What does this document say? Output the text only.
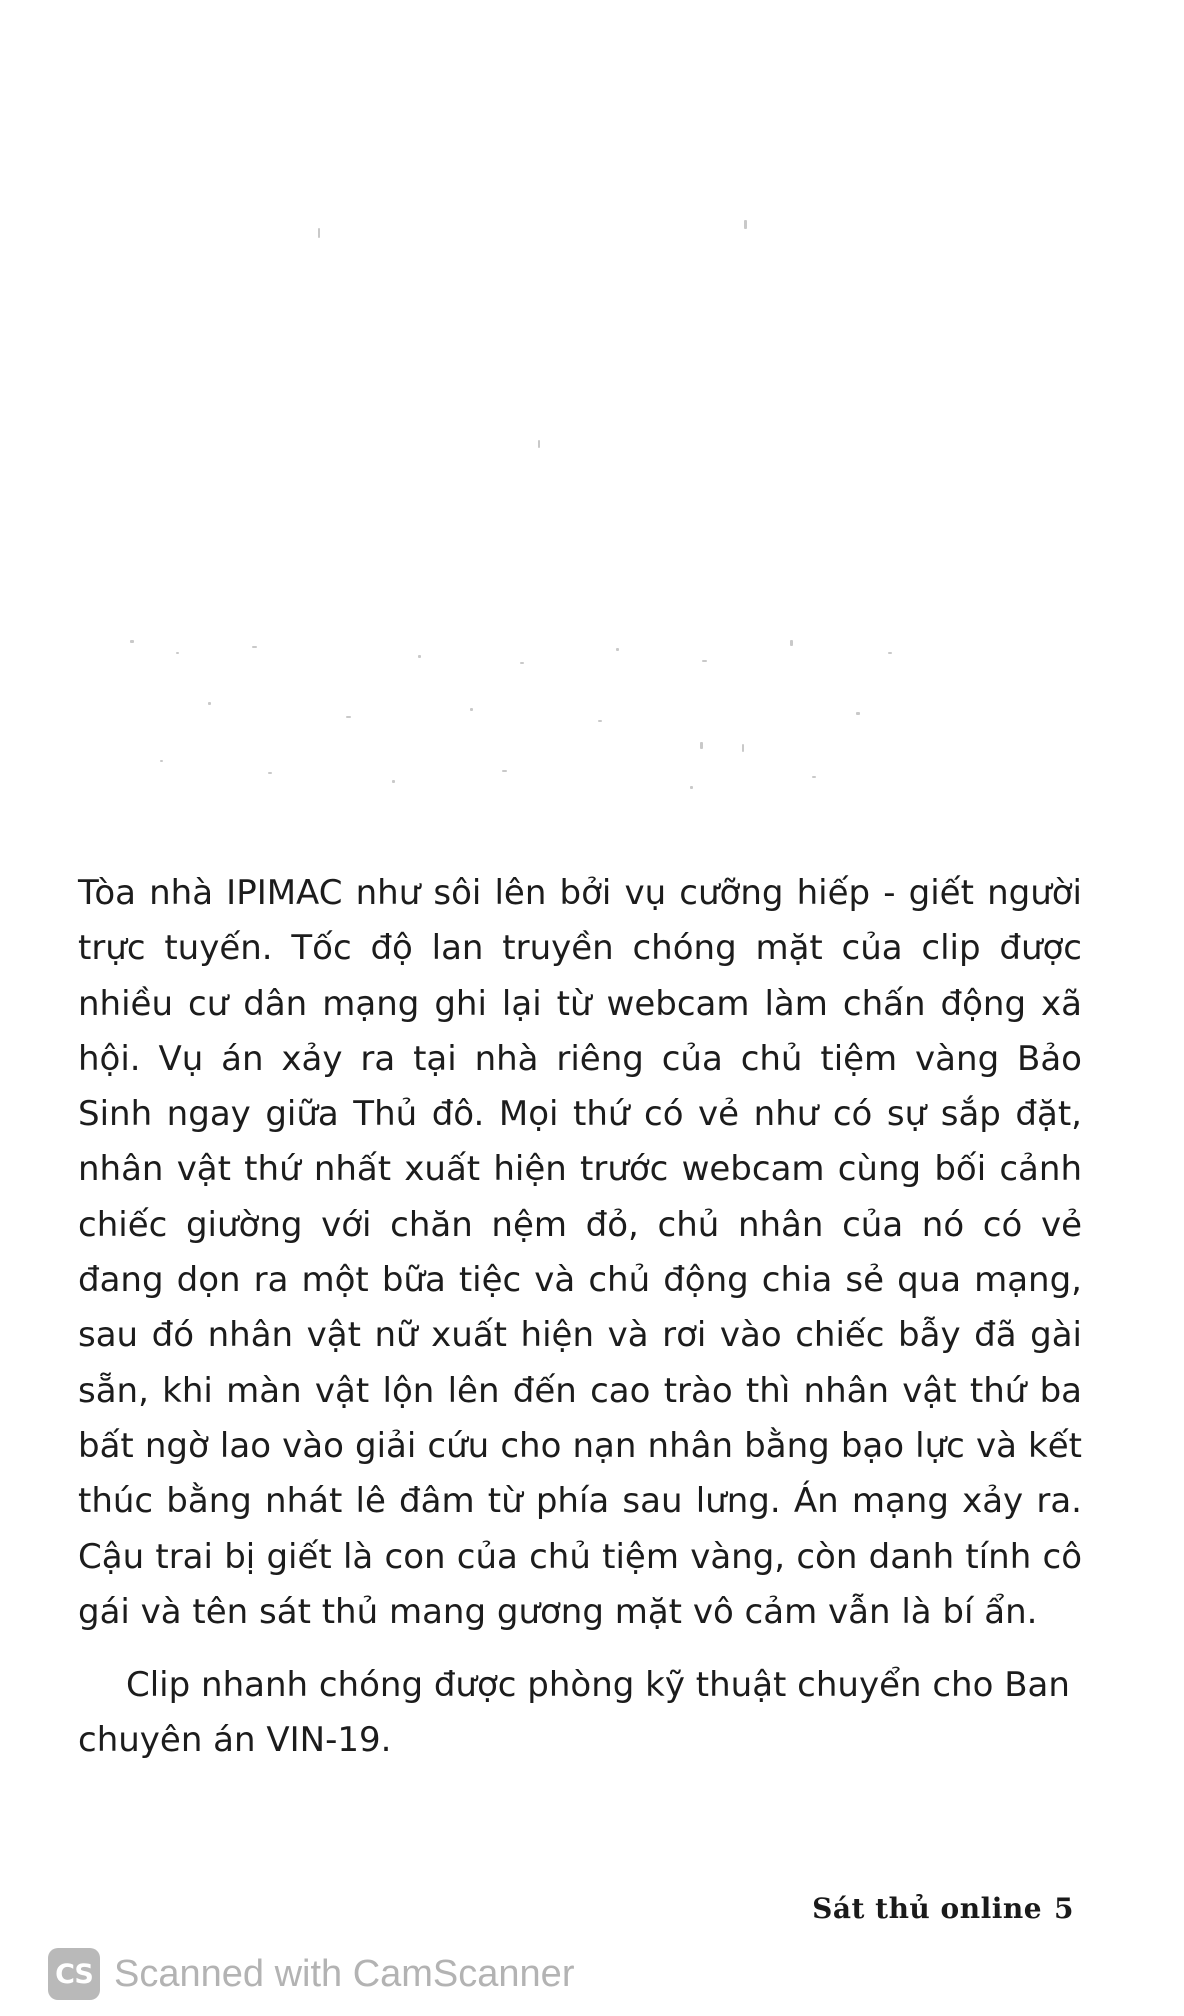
Tòa nhà IPIMAC như sôi lên bởi vụ cưỡng hiếp - giết người trực tuyến. Tốc độ lan truyền chóng mặt của clip được nhiều cư dân mạng ghi lại từ webcam làm chấn động xã hội. Vụ án xảy ra tại nhà riêng của chủ tiệm vàng Bảo Sinh ngay giữa Thủ đô. Mọi thứ có vẻ như có sự sắp đặt, nhân vật thứ nhất xuất hiện trước webcam cùng bối cảnh chiếc giường với chăn nệm đỏ, chủ nhân của nó có vẻ đang dọn ra một bữa tiệc và chủ động chia sẻ qua mạng, sau đó nhân vật nữ xuất hiện và rơi vào chiếc bẫy đã gài sẵn, khi màn vật lộn lên đến cao trào thì nhân vật thứ ba bất ngờ lao vào giải cứu cho nạn nhân bằng bạo lực và kết thúc bằng nhát lê đâm từ phía sau lưng. Án mạng xảy ra. Cậu trai bị giết là con của chủ tiệm vàng, còn danh tính cô gái và tên sát thủ mang gương mặt vô cảm vẫn là bí ẩn.

Clip nhanh chóng được phòng kỹ thuật chuyển cho Ban chuyên án VIN-19.

Sát thủ online 5
CS Scanned with CamScanner
